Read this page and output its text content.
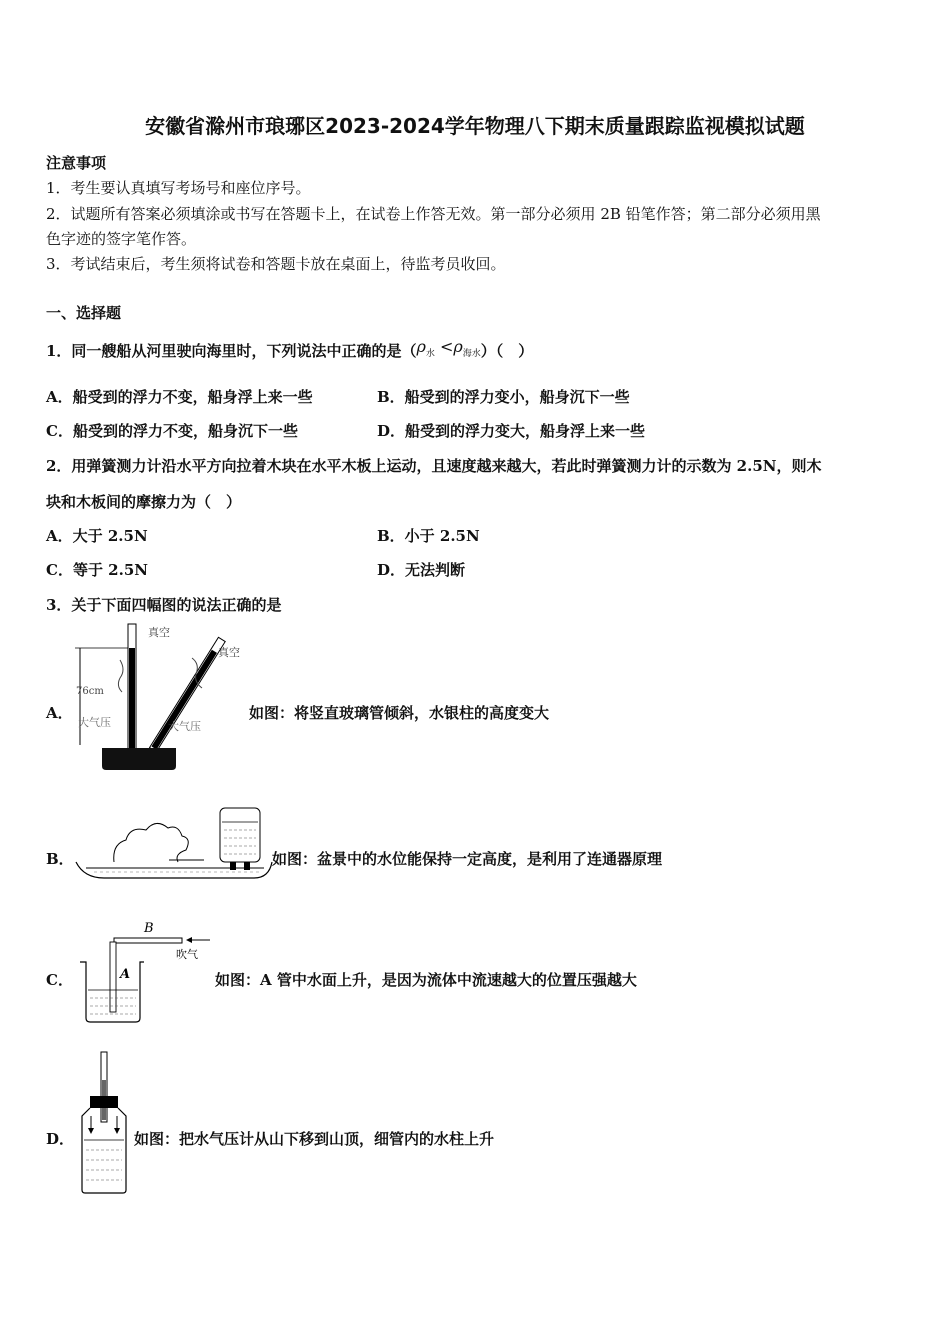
安徽省滁州市琅琊区2023-2024学年物理八下期末质量跟踪监视模拟试题
注意事项
1．考生要认真填写考场号和座位序号。
2．试题所有答案必须填涂或书写在答题卡上，在试卷上作答无效。第一部分必须用 2B 铅笔作答；第二部分必须用黑
色字迹的签字笔作答。
3．考试结束后，考生须将试卷和答题卡放在桌面上，待监考员收回。
一、选择题
1．同一艘船从河里驶向海里时，下列说法中正确的是$(\rho_水 <\rho_{海水})$（　）
A．船受到的浮力不变，船身浮上来一些	B．船受到的浮力变小，船身沉下一些
C．船受到的浮力不变，船身沉下一些	D．船受到的浮力变大，船身浮上来一些
2．用弹簧测力计沿水平方向拉着木块在水平木板上运动，且速度越来越大，若此时弹簧测力计的示数为 2.5N，则木
块和木板间的摩擦力为（　）
A．大于 2.5N	B．小于 2.5N
C．等于 2.5N	D．无法判断
3．关于下面四幅图的说法正确的是
A．
真空
真空
76cm
大气压	大气压
如图：将竖直玻璃管倾斜，水银柱的高度变大
B．	如图：盆景中的水位能保持一定高度，是利用了连通器原理
C．
B
吹气
A	如图：A 管中水面上升，是因为流体中流速越大的位置压强越大
D．	如图：把水气压计从山下移到山顶，细管内的水柱上升
